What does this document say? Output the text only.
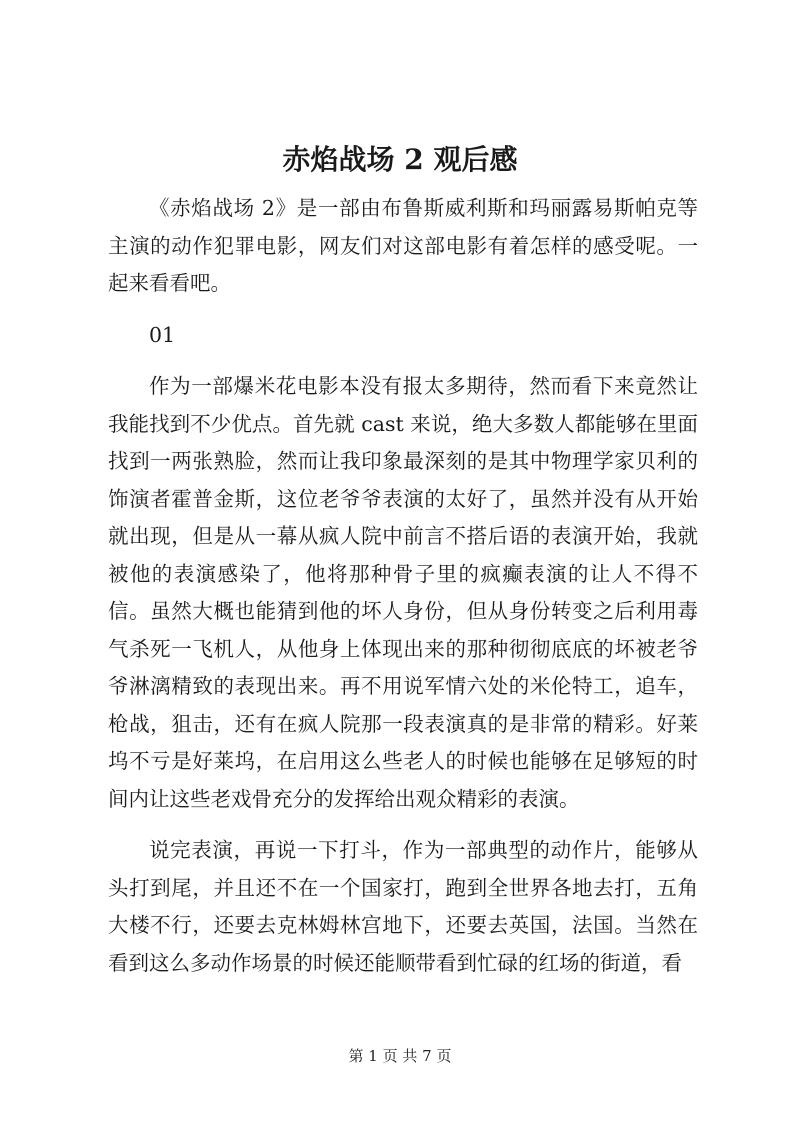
赤焰战场 2 观后感

《赤焰战场 2》是一部由布鲁斯威利斯和玛丽露易斯帕克等主演的动作犯罪电影，网友们对这部电影有着怎样的感受呢。一起来看看吧。

01

作为一部爆米花电影本没有报太多期待，然而看下来竟然让我能找到不少优点。首先就 cast 来说，绝大多数人都能够在里面找到一两张熟脸，然而让我印象最深刻的是其中物理学家贝利的饰演者霍普金斯，这位老爷爷表演的太好了，虽然并没有从开始就出现，但是从一幕从疯人院中前言不搭后语的表演开始，我就被他的表演感染了，他将那种骨子里的疯癫表演的让人不得不信。虽然大概也能猜到他的坏人身份，但从身份转变之后利用毒气杀死一飞机人，从他身上体现出来的那种彻彻底底的坏被老爷爷淋漓精致的表现出来。再不用说军情六处的米伦特工，追车，枪战，狙击，还有在疯人院那一段表演真的是非常的精彩。好莱坞不亏是好莱坞，在启用这么些老人的时候也能够在足够短的时间内让这些老戏骨充分的发挥给出观众精彩的表演。

说完表演，再说一下打斗，作为一部典型的动作片，能够从头打到尾，并且还不在一个国家打，跑到全世界各地去打，五角大楼不行，还要去克林姆林宫地下，还要去英国，法国。当然在看到这么多动作场景的时候还能顺带看到忙碌的红场的街道，看

第 1 页 共 7 页
